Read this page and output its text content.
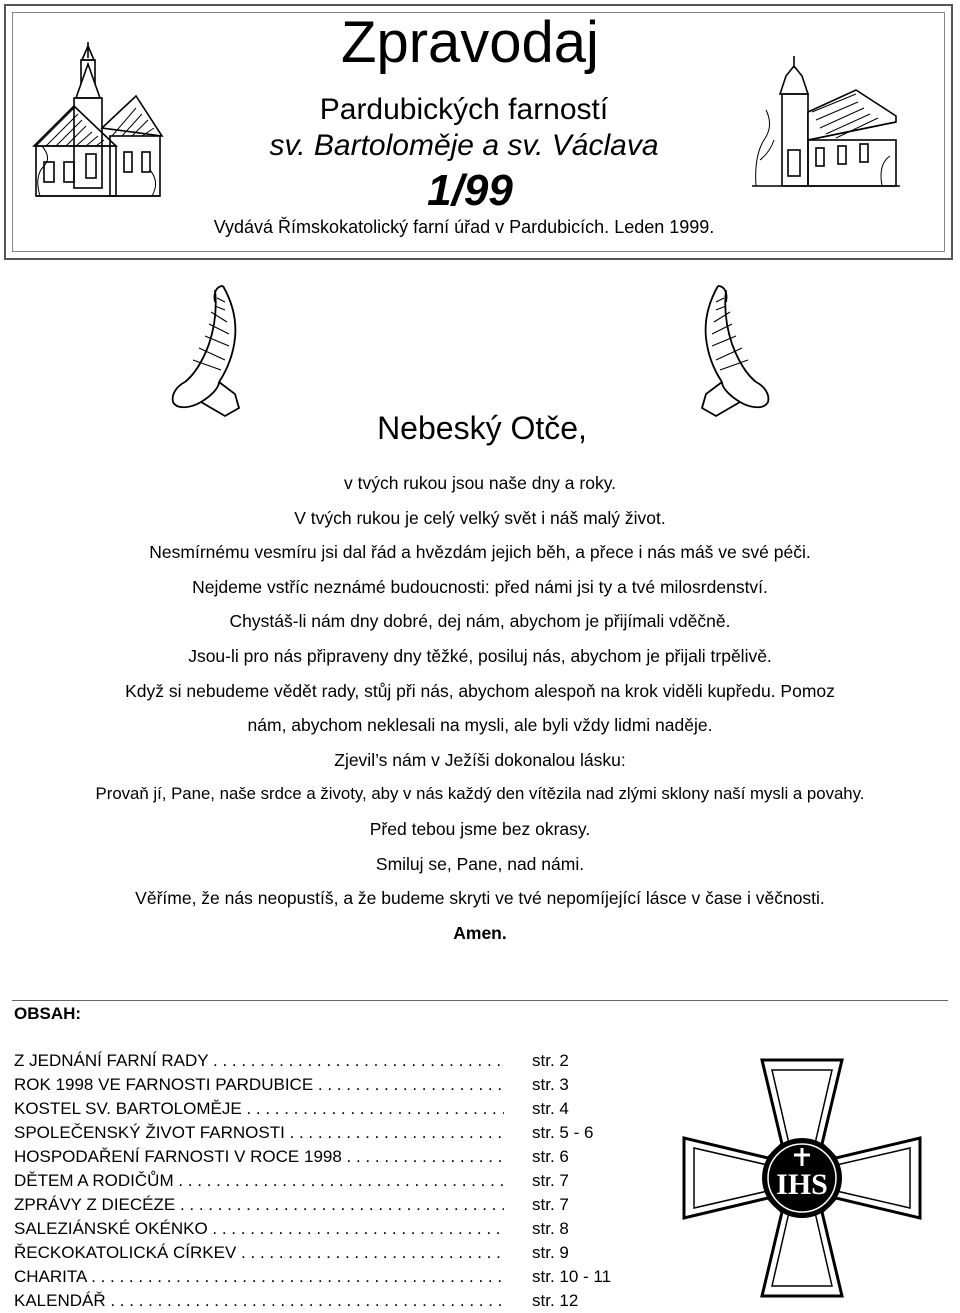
Zpravodaj
Pardubických farností
sv. Bartoloměje a sv. Václava
1/99
Vydává Římskokatolický farní úřad v Pardubicích. Leden 1999.
Nebeský Otče,
v tvých rukou jsou naše dny a roky.
V tvých rukou je celý velký svět i náš malý život.
Nesmírnému vesmíru jsi dal řád a hvězdám jejich běh, a přece i nás máš ve své péči.
Nejdeme vstříc neznámé budoucnosti: před námi jsi ty a tvé milosrdenství.
Chystáš-li nám dny dobré, dej nám, abychom je přijímali vděčně.
Jsou-li pro nás připraveny dny těžké, posiluj nás, abychom je přijali trpělivě.
Když si nebudeme vědět rady, stůj při nás, abychom alespoň na krok viděli kupředu. Pomoz
nám, abychom neklesali na mysli, ale byli vždy lidmi naděje.
Zjevil’s nám v Ježíši dokonalou lásku:
Provaň jí, Pane, naše srdce a životy, aby v nás každý den vítězila nad zlými sklony naší mysli a povahy.
Před tebou jsme bez okrasy.
Smiluj se, Pane, nad námi.
Věříme, že nás neopustíš, a že budeme skryti ve tvé nepomíjející lásce v čase i věčnosti.
Amen.
OBSAH:
Z JEDNÁNÍ FARNÍ RADY . . .	str. 2
ROK 1998 VE FARNOSTI PARDUBICE . . .	str. 3
KOSTEL SV. BARTOLOMĚJE . . .	str. 4
SPOLEČENSKÝ ŽIVOT FARNOSTI . . .	str. 5 - 6
HOSPODAŘENÍ FARNOSTI V ROCE 1998 . . .	str. 6
DĚTEM A RODIČŮM . . .	str. 7
ZPRÁVY Z DIECÉZE . . .	str. 7
SALEZIÁNSKÉ OKÉNKO . . .	str. 8
ŘECKOKATOLICKÁ CÍRKEV . . .	str. 9
CHARITA . . .	str. 10 - 11
KALENDÁŘ . . .	str. 12
IHS
